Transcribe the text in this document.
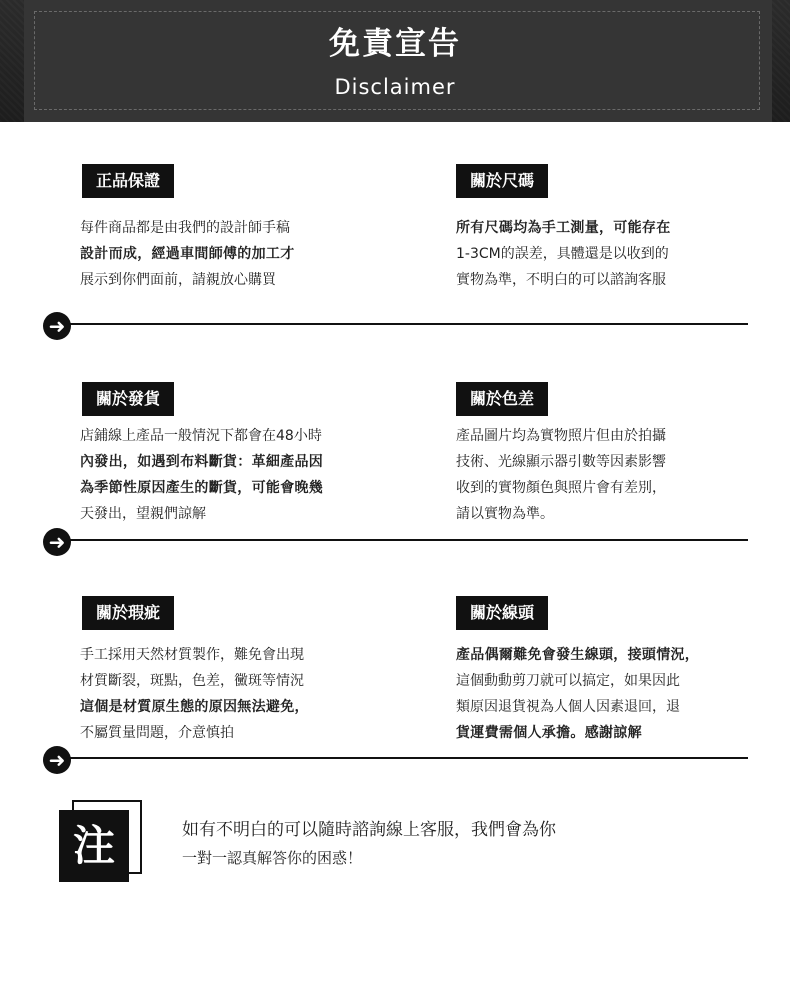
免責宣告
Disclaimer
正品保證
每件商品都是由我們的設計師手稿
設計而成，經過車間師傅的加工才
展示到你們面前，請親放心購買
關於尺碼
所有尺碼均為手工測量，可能存在
1-3CM的誤差，具體還是以收到的
實物為準，不明白的可以諮詢客服
➜
關於發貨
店鋪線上產品一般情況下都會在48小時
內發出，如遇到布料斷貨：革細產品因
為季節性原因產生的斷貨，可能會晚幾
天發出，望親們諒解
關於色差
產品圖片均為實物照片但由於拍攝
技術、光線顯示器引數等因素影響
收到的實物顏色與照片會有差別，
請以實物為準。
➜
關於瑕疵
手工採用天然材質製作，難免會出現
材質斷裂，斑點，色差，黴斑等情況
這個是材質原生態的原因無法避免，
不屬質量問題，介意慎拍
關於線頭
產品偶爾難免會發生線頭，接頭情況，
這個動動剪刀就可以搞定，如果因此
類原因退貨視為人個人因素退回，退
貨運費需個人承擔。感謝諒解
➜
注	如有不明白的可以隨時諮詢線上客服，我們會為你
一對一認真解答你的困惑！
